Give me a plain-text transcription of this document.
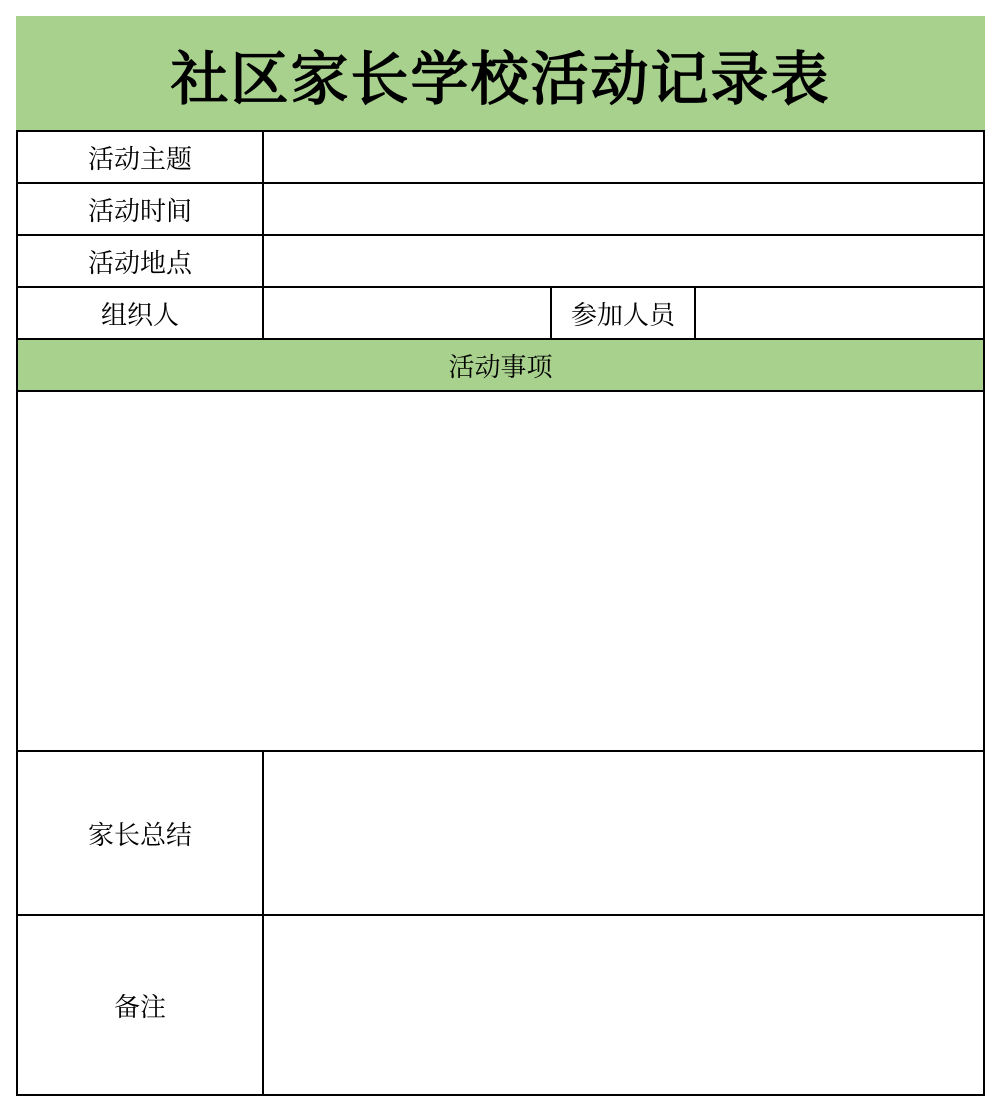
社区家长学校活动记录表			
活动主题			
活动时间			
活动地点			
组织人		参加人员	
活动事项			

家长总结			
备注			
